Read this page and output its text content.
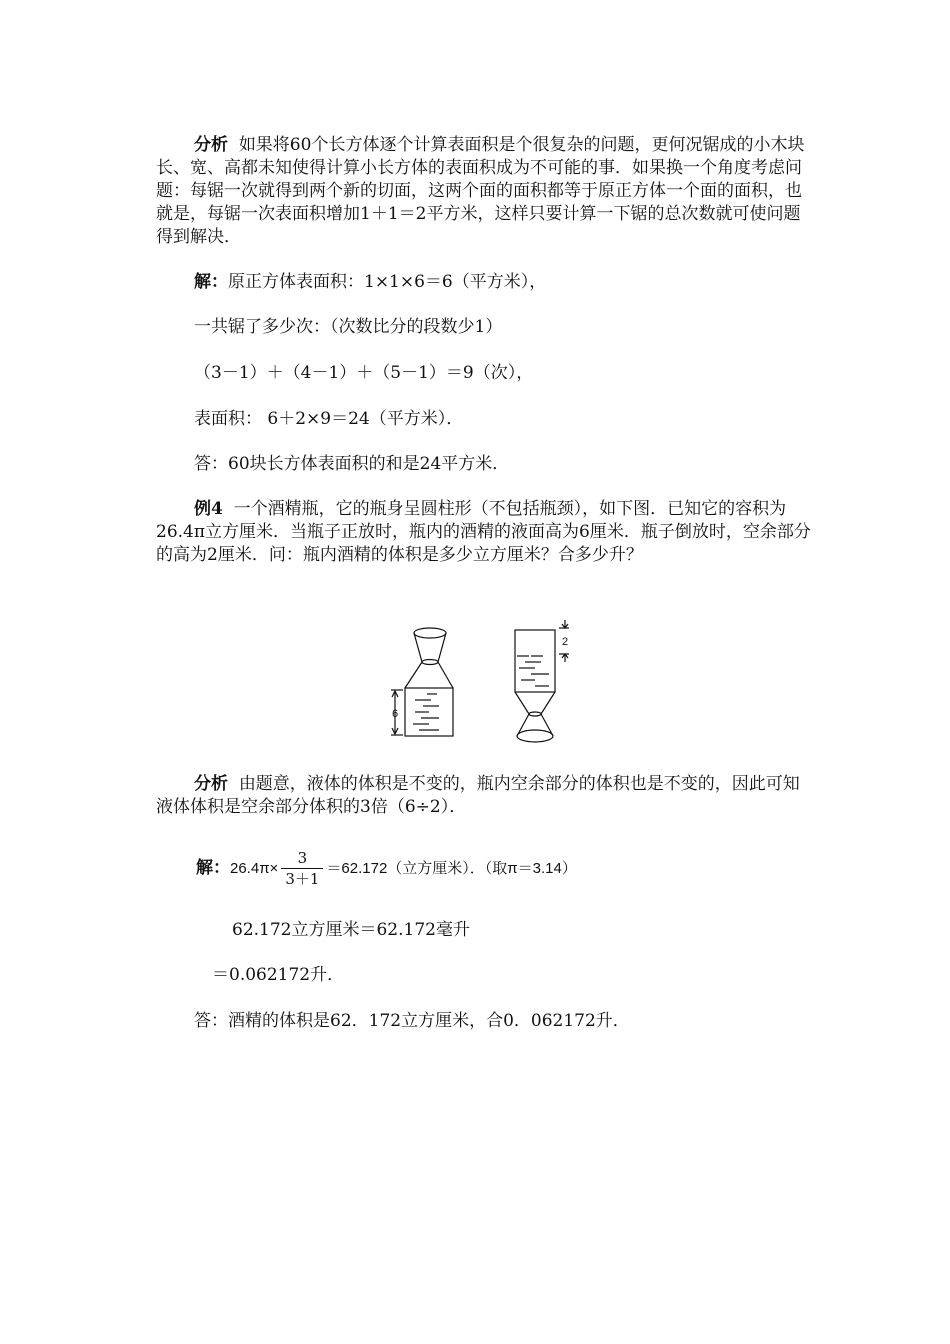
分析 如果将60个长方体逐个计算表面积是个很复杂的问题，更何况锯成的小木块长、宽、高都未知使得计算小长方体的表面积成为不可能的事．如果换一个角度考虑问题：每锯一次就得到两个新的切面，这两个面的面积都等于原正方体一个面的面积，也就是，每锯一次表面积增加1＋1＝2平方米，这样只要计算一下锯的总次数就可使问题得到解决．
解：原正方体表面积：1×1×6＝6（平方米），
一共锯了多少次：（次数比分的段数少1）
（3－1）＋（4－1）＋（5－1）＝9（次），
表面积： 6＋2×9＝24（平方米）．
答：60块长方体表面积的和是24平方米．
例4 一个酒精瓶，它的瓶身呈圆柱形（不包括瓶颈），如下图．已知它的容积为26.4π立方厘米．当瓶子正放时，瓶内的酒精的液面高为6厘米．瓶子倒放时，空余部分的高为2厘米．问：瓶内酒精的体积是多少立方厘米？合多少升？
6
2
分析 由题意，液体的体积是不变的，瓶内空余部分的体积也是不变的，因此可知液体体积是空余部分体积的3倍（6÷2）．
解：$26.4\pi\times \frac{3}{3+1} =62.172$（立方厘米）．（取π＝3.14）
62.172立方厘米＝62.172毫升
＝0.062172升．
答：酒精的体积是62．172立方厘米，合0．062172升．
